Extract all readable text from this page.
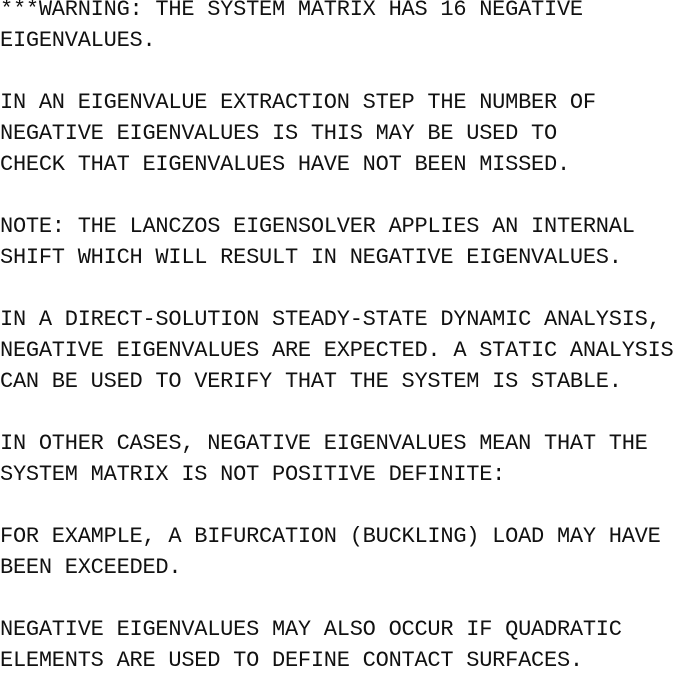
***WARNING: THE SYSTEM MATRIX HAS 16 NEGATIVE
EIGENVALUES.
IN AN EIGENVALUE EXTRACTION STEP THE NUMBER OF
NEGATIVE EIGENVALUES IS THIS MAY BE USED TO
CHECK THAT EIGENVALUES HAVE NOT BEEN MISSED.
NOTE: THE LANCZOS EIGENSOLVER APPLIES AN INTERNAL
SHIFT WHICH WILL RESULT IN NEGATIVE EIGENVALUES.
IN A DIRECT-SOLUTION STEADY-STATE DYNAMIC ANALYSIS,
NEGATIVE EIGENVALUES ARE EXPECTED. A STATIC ANALYSIS
CAN BE USED TO VERIFY THAT THE SYSTEM IS STABLE.
IN OTHER CASES, NEGATIVE EIGENVALUES MEAN THAT THE
SYSTEM MATRIX IS NOT POSITIVE DEFINITE:
FOR EXAMPLE, A BIFURCATION (BUCKLING) LOAD MAY HAVE
BEEN EXCEEDED.
NEGATIVE EIGENVALUES MAY ALSO OCCUR IF QUADRATIC
ELEMENTS ARE USED TO DEFINE CONTACT SURFACES.
